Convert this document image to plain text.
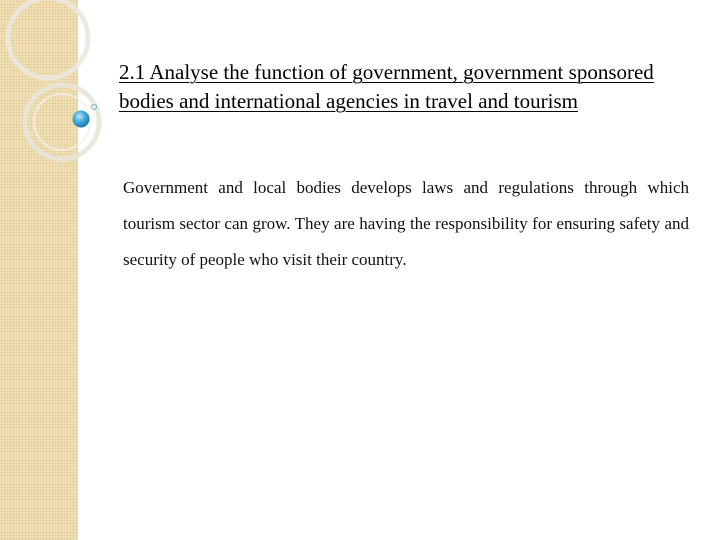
2.1 Analyse the function of government, government sponsored bodies and international agencies in travel and tourism

Government and local bodies develops laws and regulations through which tourism sector can grow. They are having the responsibility for ensuring safety and security of people who visit their country.
